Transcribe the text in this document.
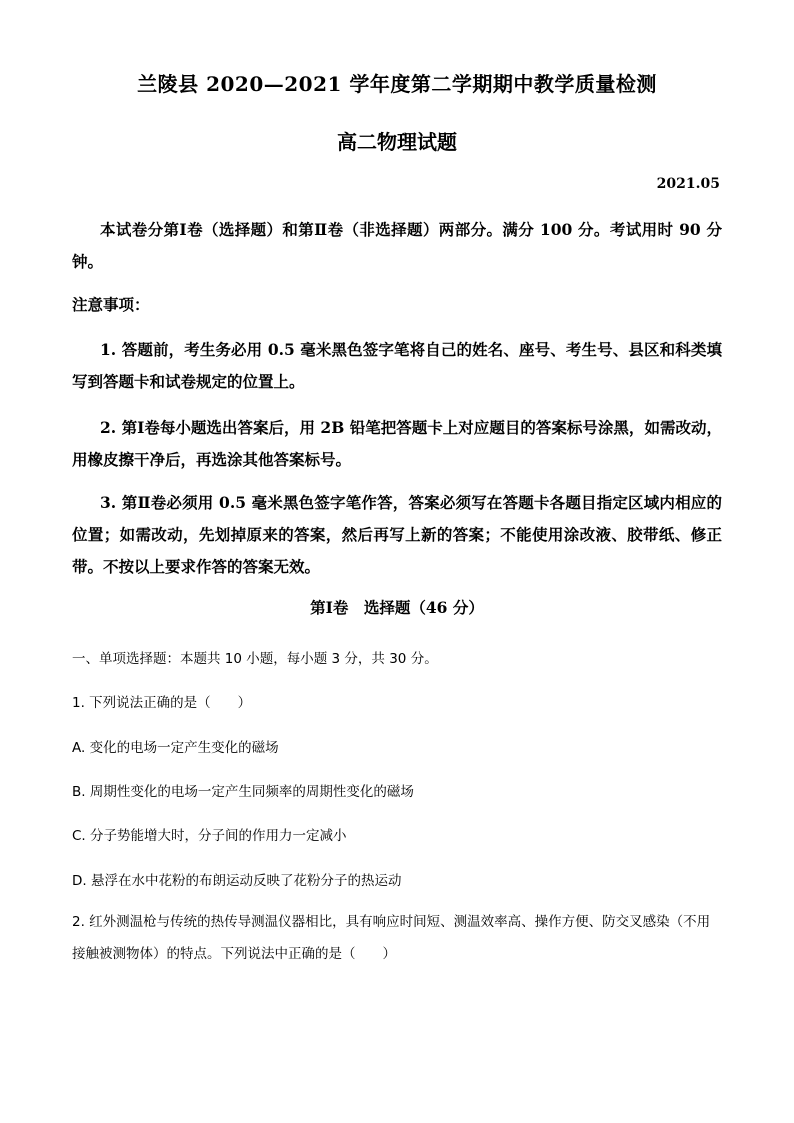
兰陵县 2020—2021 学年度第二学期期中教学质量检测
高二物理试题
2021.05
本试卷分第Ⅰ卷（选择题）和第Ⅱ卷（非选择题）两部分。满分 100 分。考试用时 90 分钟。
注意事项：
1. 答题前，考生务必用 0.5 毫米黑色签字笔将自己的姓名、座号、考生号、县区和科类填写到答题卡和试卷规定的位置上。
2. 第Ⅰ卷每小题选出答案后，用 2B 铅笔把答题卡上对应题目的答案标号涂黑，如需改动，用橡皮擦干净后，再选涂其他答案标号。
3. 第Ⅱ卷必须用 0.5 毫米黑色签字笔作答，答案必须写在答题卡各题目指定区域内相应的位置；如需改动，先划掉原来的答案，然后再写上新的答案；不能使用涂改液、胶带纸、修正带。不按以上要求作答的答案无效。
第Ⅰ卷　选择题（46 分）
一、单项选择题：本题共 10 小题，每小题 3 分，共 30 分。
1. 下列说法正确的是（　　）
A. 变化的电场一定产生变化的磁场
B. 周期性变化的电场一定产生同频率的周期性变化的磁场
C. 分子势能增大时，分子间的作用力一定减小
D. 悬浮在水中花粉的布朗运动反映了花粉分子的热运动
2. 红外测温枪与传统的热传导测温仪器相比，具有响应时间短、测温效率高、操作方便、防交叉感染（不用接触被测物体）的特点。下列说法中正确的是（　　）
